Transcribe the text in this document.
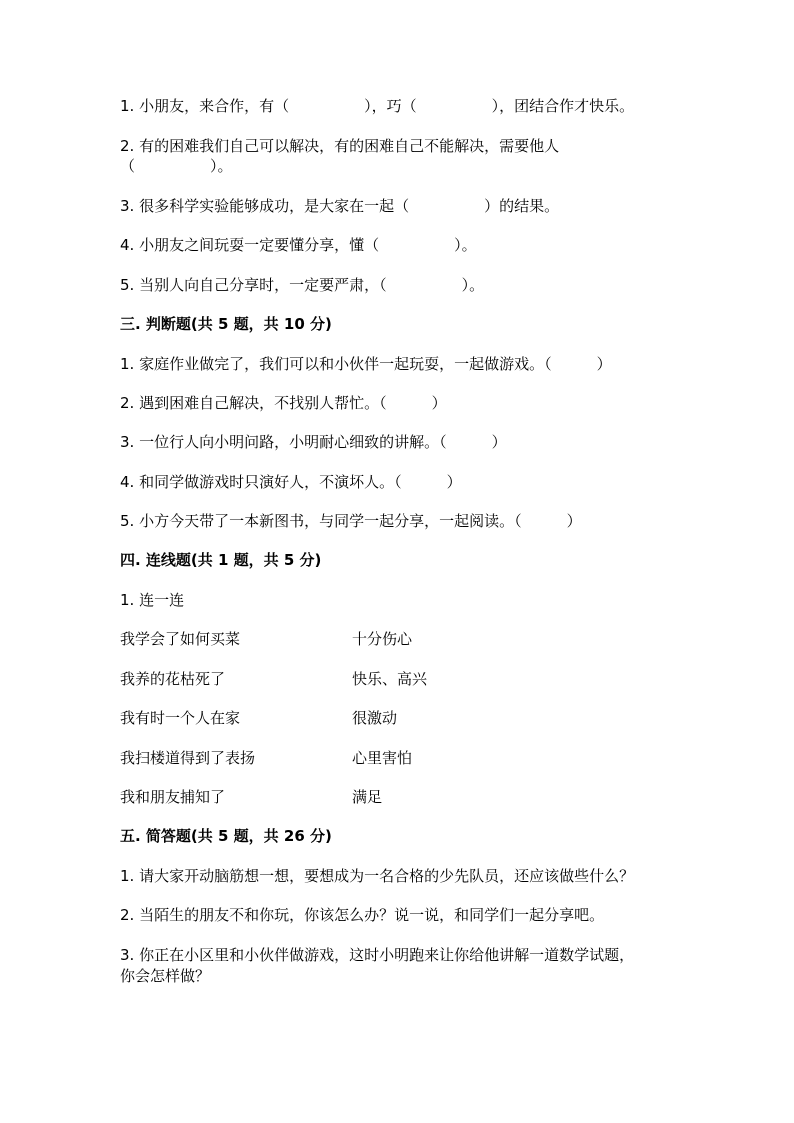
1. 小朋友，来合作，有（　　　　　），巧（　　　　　），团结合作才快乐。
2. 有的困难我们自己可以解决，有的困难自己不能解决，需要他人
（　　　　　）。
3. 很多科学实验能够成功，是大家在一起（　　　　　）的结果。
4. 小朋友之间玩耍一定要懂分享，懂（　　　　　）。
5. 当别人向自己分享时，一定要严肃，（　　　　　）。
三. 判断题(共 5 题，共 10 分)
1. 家庭作业做完了，我们可以和小伙伴一起玩耍，一起做游戏。（　　　）
2. 遇到困难自己解决，不找别人帮忙。（　　　）
3. 一位行人向小明问路，小明耐心细致的讲解。（　　　）
4. 和同学做游戏时只演好人，不演坏人。（　　　）
5. 小方今天带了一本新图书，与同学一起分享，一起阅读。（　　　）
四. 连线题(共 1 题，共 5 分)
1. 连一连
我学会了如何买菜	十分伤心
我养的花枯死了	快乐、高兴
我有时一个人在家	很激动
我扫楼道得到了表扬	心里害怕
我和朋友捕知了	满足
五. 简答题(共 5 题，共 26 分)
1. 请大家开动脑筋想一想，要想成为一名合格的少先队员，还应该做些什么？
2. 当陌生的朋友不和你玩，你该怎么办？说一说，和同学们一起分享吧。
3. 你正在小区里和小伙伴做游戏，这时小明跑来让你给他讲解一道数学试题，
你会怎样做？
